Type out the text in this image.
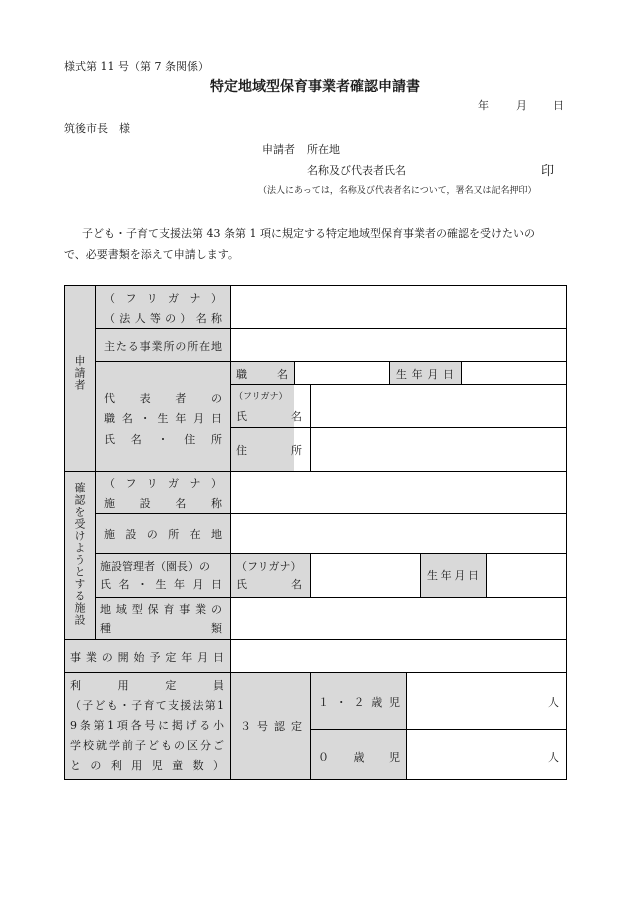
様式第 11 号（第 7 条関係）
特定地域型保育事業者確認申請書
年 月 日
筑後市長　様
申請者 所在地
名称及び代表者氏名	印
（法人にあっては，名称及び代表者名について，署名又は記名押印）
子ども・子育て支援法第 43 条第 1 項に規定する特定地域型保育事業者の確認を受けたいの
で、必要書類を添えて申請します。
申請者
（フリガナ）
（法人等の）名称
主たる事業所の所在地
代表者の
職名・生年月日
氏名・住所
職名	生年月日
（フリガナ）
氏名
住所
確認を受けようとする施設 （フリガナ）
施設名称
施設の所在地
施設管理者（園長）の
氏名・生年月日
（フリガナ）
氏名
生年月日
地域型保育事業の
種類
事業の開始予定年月日
利用定員
（子ども・子育て支援法第1
9条第1項各号に掲げる小
学校就学前子どもの区分ご
との利用児童数）
３号認定
１・２歳児
０歳児
人
人
